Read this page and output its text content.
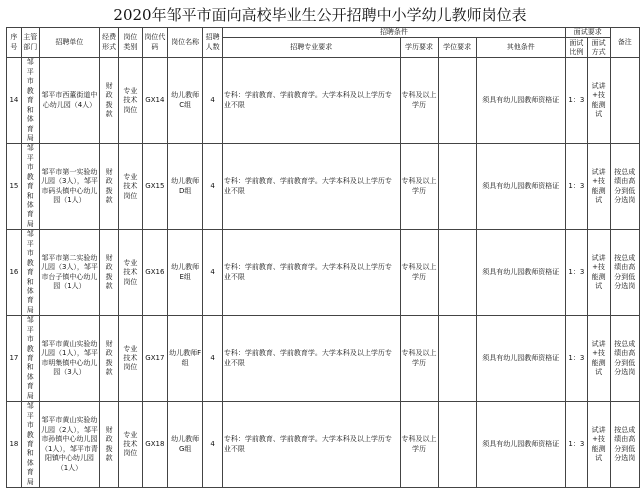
2020年邹平市面向高校毕业生公开招聘中小学幼儿教师岗位表
序号	主管部门	招聘单位	经费形式	岗位类别	岗位代码	岗位名称	招聘人数	招聘条件				面试要求		备注
								招聘专业要求	学历要求	学位要求	其他条件	面试比例	面试方式	
14	邹平市教育和体育局	邹平市西董街道中心幼儿园（4人）	财政拨款	专业技术岗位	GX14	幼儿教师C组	4	专科：学前教育、学前教育学。大学本科及以上学历专业不限	专科及以上学历		须具有幼儿园教师资格证	1：3	试讲+技能测试	
15	邹平市教育和体育局	邹平市第一实验幼儿园（3人），邹平市码头镇中心幼儿园（1人）	财政拨款	专业技术岗位	GX15	幼儿教师D组	4	专科：学前教育、学前教育学。大学本科及以上学历专业不限	专科及以上学历		须具有幼儿园教师资格证	1：3	试讲+技能测试	按总成绩由高分到低分选岗
16	邹平市教育和体育局	邹平市第二实验幼儿园（3人），邹平市台子镇中心幼儿园（1人）	财政拨款	专业技术岗位	GX16	幼儿教师E组	4	专科：学前教育、学前教育学。大学本科及以上学历专业不限	专科及以上学历		须具有幼儿园教师资格证	1：3	试讲+技能测试	按总成绩由高分到低分选岗
17	邹平市教育和体育局	邹平市黄山实验幼儿园（1人），邹平市明集镇中心幼儿园（3人）	财政拨款	专业技术岗位	GX17	幼儿教师F组	4	专科：学前教育、学前教育学。大学本科及以上学历专业不限	专科及以上学历		须具有幼儿园教师资格证	1：3	试讲+技能测试	按总成绩由高分到低分选岗
18	邹平市教育和体育局	邹平市黄山实验幼儿园（2人），邹平市孙镇中心幼儿园（1人），邹平市青阳镇中心幼儿园（1人）	财政拨款	专业技术岗位	GX18	幼儿教师G组	4	专科：学前教育、学前教育学。大学本科及以上学历专业不限	专科及以上学历		须具有幼儿园教师资格证	1：3	试讲+技能测试	按总成绩由高分到低分选岗
